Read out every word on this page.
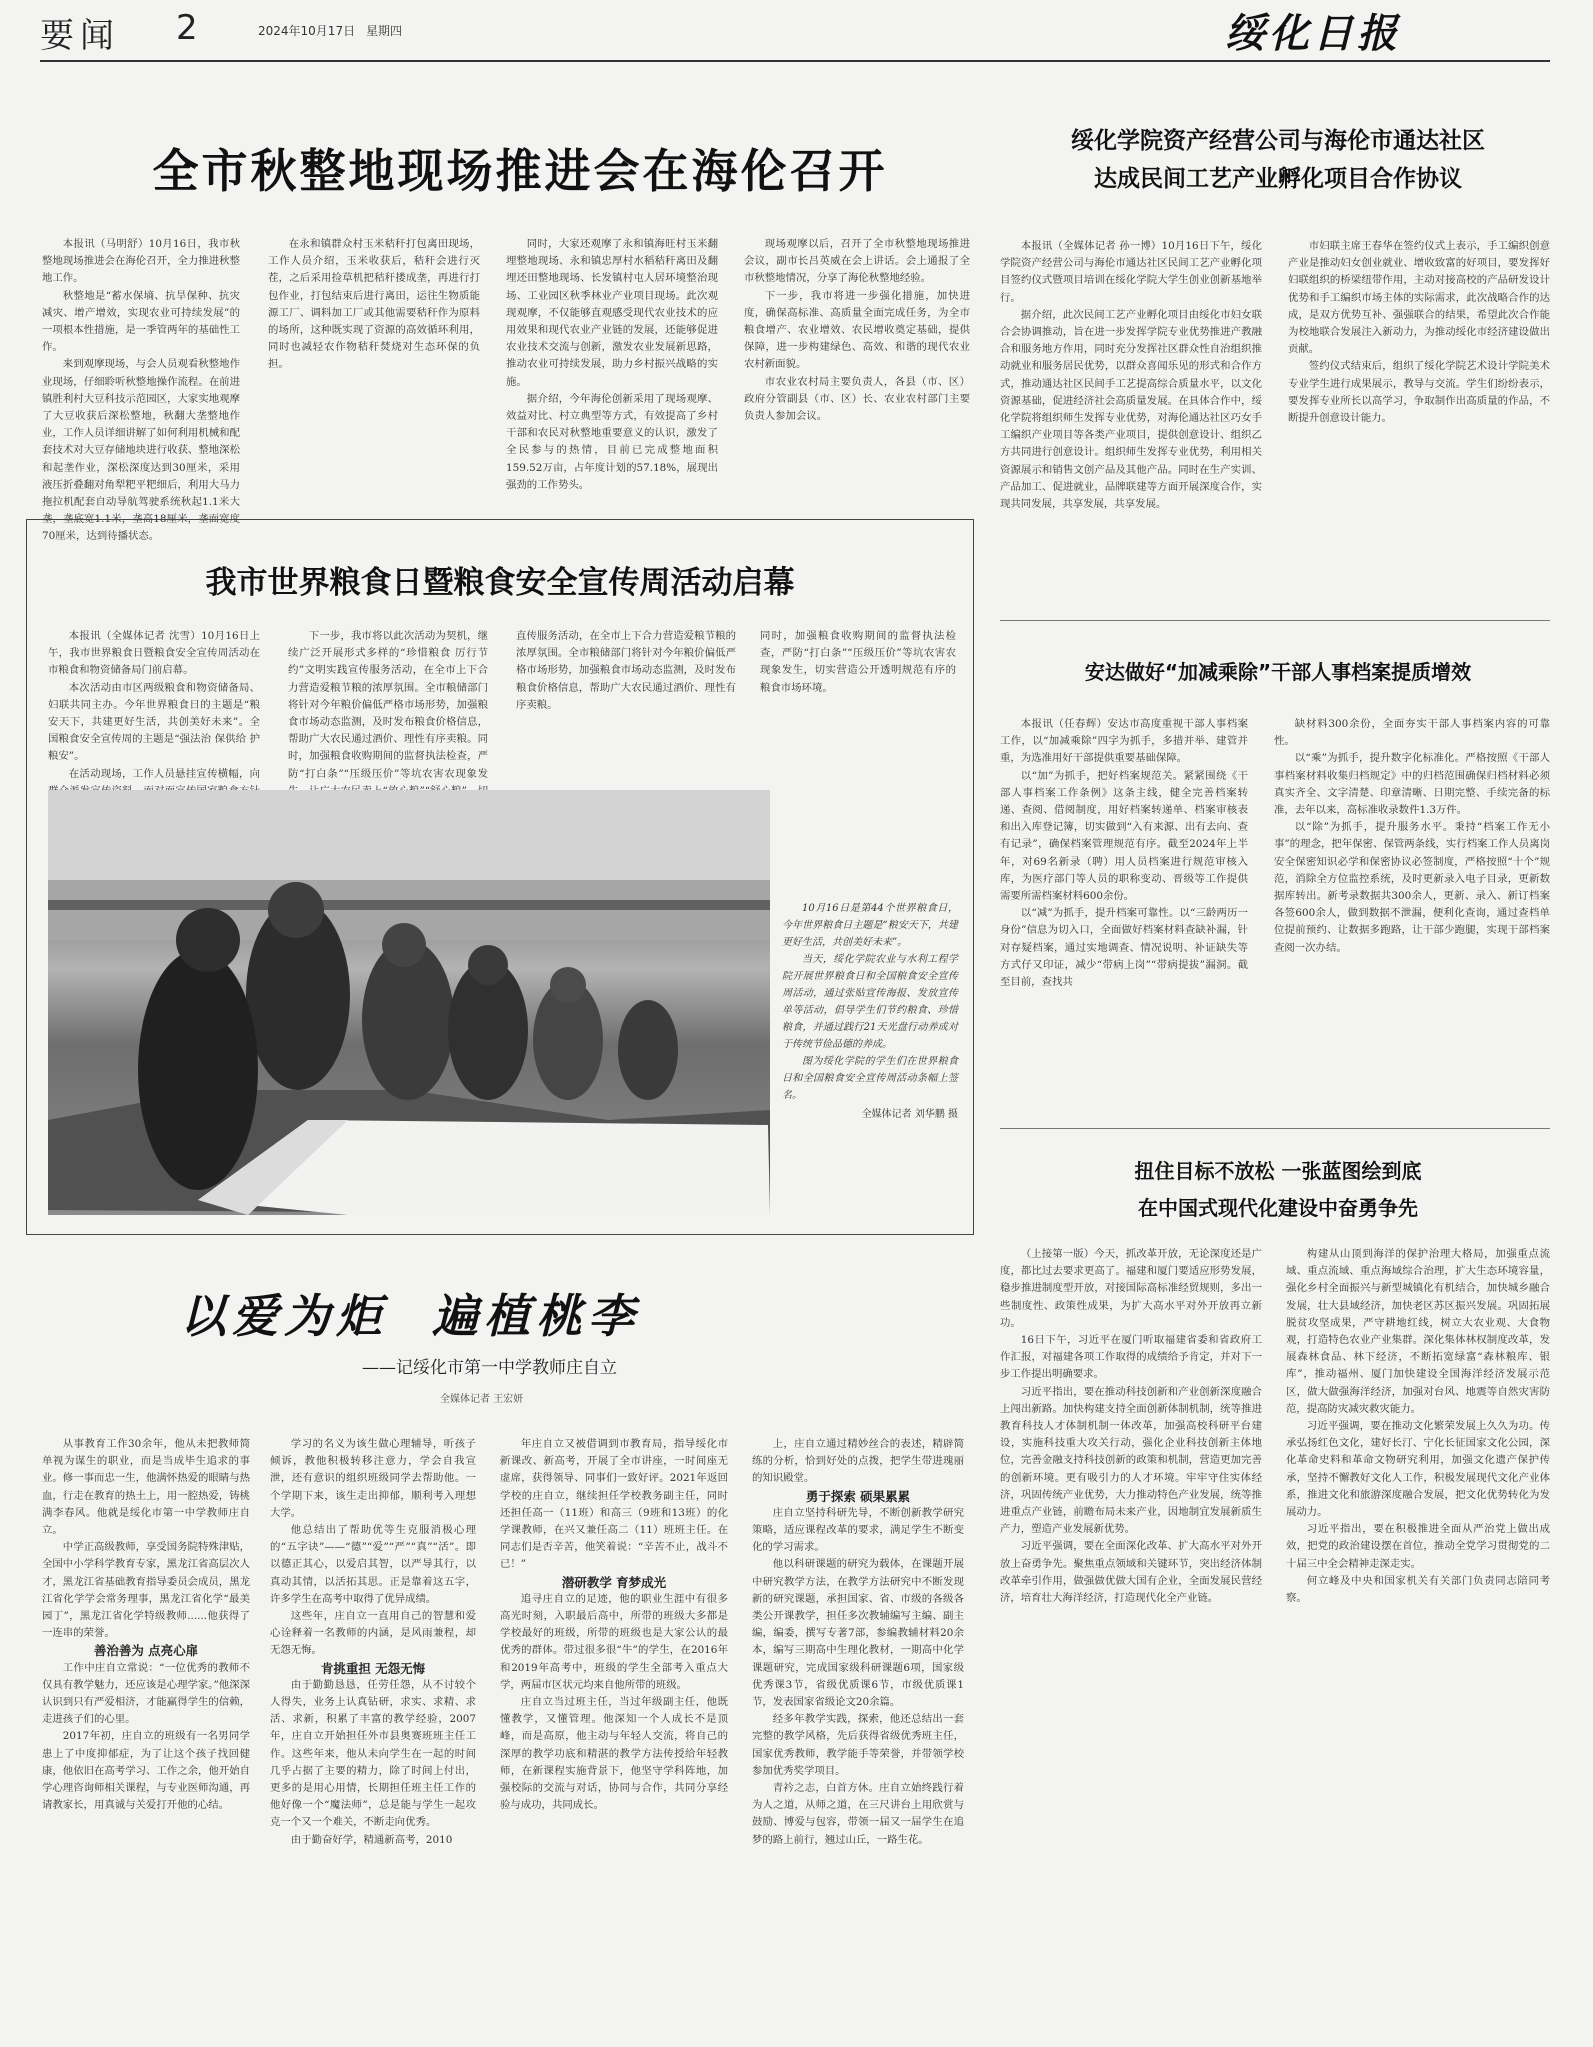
要闻 2	2024年10月17日 星期四	绥化日报
全市秋整地现场推进会在海伦召开

本报讯（马明舒）10月16日，我市秋整地现场推进会在海伦召开，全力推进秋整地工作。

秋整地是“蓄水保墒、抗旱保种、抗灾减灾、增产增效，实现农业可持续发展”的一项根本性措施，是一季管两年的基础性工作。

来到观摩现场，与会人员观看秋整地作业现场，仔细聆听秋整地操作流程。在前进镇胜利村大豆科技示范园区，大家实地观摩了大豆收获后深松整地，秋翻大垄整地作业，工作人员详细讲解了如何利用机械和配套技术对大豆存储地块进行收获、整地深松和起垄作业，深松深度达到30厘米，采用液压折叠翻对角犁粑平粑细后，利用大马力拖拉机配套自动导航驾驶系统秋起1.1米大垄，垄底宽1.1米，垄高18厘米，垄面宽度70厘米，达到待播状态。

在永和镇群众村玉米秸秆打包离田现场，工作人员介绍，玉米收获后，秸秆会进行灭茬，之后采用捡草机把秸秆搂成垄，再进行打包作业，打包结束后进行离田，运往生物质能源工厂、调料加工厂或其他需要秸秆作为原料的场所，这种既实现了资源的高效循环利用，同时也减轻农作物秸秆焚烧对生态环保的负担。

同时，大家还观摩了永和镇海旺村玉米翻埋整地现场、永和镇忠厚村水稻秸秆离田及翻埋还田整地现场、长发镇村屯人居环境整治现场、工业园区秋季林业产业项目现场。此次观现观摩，不仅能够直观感受现代农业技术的应用效果和现代农业产业链的发展，还能够促进农业技术交流与创新，激发农业发展新思路，推动农业可持续发展，助力乡村振兴战略的实施。

据介绍，今年海伦创新采用了现场观摩、效益对比、村立典型等方式，有效提高了乡村干部和农民对秋整地重要意义的认识，激发了全民参与的热情，目前已完成整地面积159.52万亩，占年度计划的57.18%，展现出强劲的工作势头。

现场观摩以后，召开了全市秋整地现场推进会议，副市长吕英威在会上讲话。会上通报了全市秋整地情况，分享了海伦秋整地经验。

下一步，我市将进一步强化措施，加快进度，确保高标准、高质量全面完成任务，为全市粮食增产、农业增效、农民增收奠定基础，提供保障，进一步构建绿色、高效、和谐的现代农业农村新面貌。

市农业农村局主要负责人，各县（市、区）政府分管副县（市、区）长、农业农村部门主要负责人参加会议。

我市世界粮食日暨粮食安全宣传周活动启幕

本报讯（全媒体记者 沈雪）10月16日上午，我市世界粮食日暨粮食安全宣传周活动在市粮食和物资储备局门前启幕。

本次活动由市区两级粮食和物资储备局、妇联共同主办。今年世界粮食日的主题是“粮安天下，共建更好生活，共创美好未来”。全国粮食安全宣传周的主题是“强法治 保供给 护粮安”。

在活动现场，工作人员悬挂宣传横幅，向

下一步，我市将以此次活动为契机，继续广泛开展形式多样的“珍惜粮食 厉行节约”文明实践宣传服务活动，在全市上下合力营造爱粮节粮的浓厚氛围。全市粮储部门将针对今年粮价偏低严格市场形势，加强粮食市场动态监测，及时发布粮食价格信息，帮助广大农民通过酒价、理性有序卖粮。同时，加强粮食收购期间的监督执法检查，严防“打白条”“压级压价”等坑农害农现象发

直传服务活动，在全市上下合力营造爱粮节粮的浓厚氛围。全市粮储部门将针对今年粮价偏低严格市场形势，加强粮食市场动态监测，及时发布粮食价格信息，帮助广大农民通过酒价、理性有序卖粮。

同时，加强粮食收购期间的监督执法检查，严防“打白条”“压级压价”等坑农害农现象发生，切实营造公开透明规范有序的粮食市场环境。

10月16日是第44个世界粮食日，今年世界粮食日主题是“粮安天下，共建更好生活，共创美好未来”。

当天，绥化学院农业与水利工程学院开展世界粮食日和全国粮食安全宣传周活动，通过张贴宣传海报、发放宣传单等活动，倡导学生们节约粮食、珍惜粮食，并通过践行21天光盘行动养成对于传统节俭品德的养成。

图为绥化学院的学生们在世界粮食日和全国粮食安全宣传周活动条幅上签名。

全媒体记者 刘华鹏 摄

以爱为炬  遍植桃李
——记绥化市第一中学教师庄自立
全媒体记者 王宏妍

从事教育工作30余年，他从未把教师简单视为谋生的职业，而是当成毕生追求的事业。修一事而忠一生，他满怀热爱的眼睛与热血，行走在教育的热土上，用一腔热爱，铸桃满李春风。他就是绥化市第一中学教师庄自立。

中学正高级教师，享受国务院特殊津贴，全国中小学科学教育专家，黑龙江省高层次人才，黑龙江省基础教育指导委员会成员，黑龙江省化学学会常务理事，黑龙江省化学“最美园丁”，黑龙江省化学特级教师......他获得了一连串的荣誉。

善治善为 点亮心扉

工作中庄自立常说：“一位优秀的教师不仅具有教学魅力，还应该是心理学家。”他深深认识到只有严爱相济，才能赢得学生的信赖，走进孩子们的心里。

2017年初，庄自立的班级有一名男同学患上了中度抑郁症，为了让这个孩子找回健康，他依旧在高考学习、工作之余，他开始自学心理咨询师相关课程，与专业医师沟通，再请教家长，用真诚与关爱打开他的心结。

学习的名义为该生做心理辅导，听孩子倾诉，教他积极转移注意力，学会自我宣泄，还有意识的组织班级同学去帮助他。一个学期下来，该生走出抑郁，顺利考入理想大学。

他总结出了帮助优等生克服消极心理的“五字诀”——“德”“爱”“严”“真”“活”。即以德正其心，以爱启其智，以严导其行，以真动其情，以活拓其思。正是靠着这五字，许多学生在高考中取得了优异成绩。

这些年，庄自立一直用自己的智慧和爱心诠释着一名教师的内涵，是风雨兼程，却无怨无悔。

肯挑重担 无怨无悔

由于勤勤恳恳，任劳任怨，从不讨较个人得失，业务上认真钻研，求实、求精、求活、求新，积累了丰富的教学经验，2007年，庄自立开始担任外市县奥赛班班主任工作。这些年来，他从未向学生在一起的时间几乎占据了主要的精力，除了时间上付出，更多的是用心用情，长期担任班主任工作的他好像一个“魔法师”，总是能与学生一起攻克一个又一个难关，不断走向优秀。

由于勤奋好学，精通新高考，2010

年庄自立又被借调到市教育局，指导绥化市新课改、新高考，开展了全市讲座，一时间座无虚席，获得领导、同事们一致好评。2021年返回学校的庄自立，继续担任学校教务副主任，同时还担任高一（11班）和高三（9班和13班）的化学课教师，在兴又兼任高二（11）班班主任。在同志们是否辛苦，他笑着说：“辛苦不止，战斗不已！”

潜研教学 育梦成光

追寻庄自立的足迹，他的职业生涯中有很多高光时刻，入职最后高中，所带的班级大多都是学校最好的班级，所带的班级也是大家公认的最优秀的群体。带过很多很“牛”的学生，在2016年和2019年高考中，班级的学生全部考入重点大学，两届市区状元均来自他所带的班级。

庄自立当过班主任，当过年级副主任，他既懂教学，又懂管理。他深知一个人成长不是顶峰，而是高原，他主动与年轻人交流，将自己的深厚的教学功底和精湛的教学方法传授给年轻教师，在新课程实施背景下，他坚守学科阵地，加强校际的交流与对话，协同与合作，共同分享经验与成功，共同成长。

上，庄自立通过精妙丝合的表述，精辟简练的分析，恰到好处的点拨，把学生带进瑰丽的知识殿堂。

勇于探索 硕果累累

庄自立坚持科研先导，不断创新教学研究策略，适应课程改革的要求，满足学生不断变化的学习需求。

他以科研课题的研究为载体，在课题开展中研究教学方法，在教学方法研究中不断发现新的研究课题，承担国家、省、市级的各级各类公开课教学，担任多次教辅编写主编、副主编，编委，撰写专著7部，参编教辅材料20余本，编写三期高中生理化教材，一期高中化学课题研究，完成国家级科研课题6项，国家级优秀课3节，省级优质课6节，市级优质课1节，发表国家省级论文20余篇。

经多年教学实践，探索，他还总结出一套完整的教学风格，先后获得省级优秀班主任，国家优秀教师，教学能手等荣誉，并带领学校参加优秀奖学项目。

青衿之志，白首方休。庄自立始终践行着为人之道，从师之道，在三尺讲台上用欣赏与鼓励、博爱与包容，带领一届又一届学生在追梦的路上前行，翘过山丘，一路生花。

绥化学院资产经营公司与海伦市通达社区
达成民间工艺产业孵化项目合作协议

本报讯（全媒体记者 孙一博）10月16日下午，绥化学院资产经营公司与海伦市通达社区民间工艺产业孵化项目签约仪式暨项目培训在绥化学院大学生创业创新基地举行。

据介绍，此次民间工艺产业孵化项目由绥化市妇女联合会协调推动，旨在进一步发挥学院专业优势推进产教融合和服务地方作用，同时充分发挥社区群众性自治组织推动就业和服务居民优势，以群众喜闻乐见的形式和合作方式，推动通达社区民间手工艺提高综合质量水平，以文化资源基础，促进经济社会高质量发展。在具体合作中，绥化学院将组织师生发挥专业优势，对海伦通达社区巧女手工编织产业项目等各类产业项目，提供创意设计、组织乙方共同进行创意设计。组织师生发挥专业优势，利用相关资源展示和销售文创产品及其他产品。同时在生产实训、产品加工、促进就业，品牌联建等方面开展深度合作，实现共同发展，共享发展，共享发展。

市妇联主席王春华在签约仪式上表示，手工编织创意产业是推动妇女创业就业、增收致富的好项目，要发挥好妇联组织的桥梁纽带作用，主动对接高校的产品研发设计优势和手工编织市场主体的实际需求，此次战略合作的达成，是双方优势互补、强强联合的结果，希望此次合作能为校地联合发展注入新动力，为推动绥化市经济建设做出贡献。

签约仪式结束后，组织了绥化学院艺术设计学院美术专业学生进行成果展示，教导与交流。学生们纷纷表示，要发挥专业所长以高学习，争取制作出高质量的作品，不断提升创意设计能力。

安达做好“加减乘除”干部人事档案提质增效

本报讯（任春辉）安达市高度重视干部人事档案工作，以“加减乘除”四字为抓手，多措并举、建管并重，为选准用好干部提供重要基础保障。

以“加”为抓手，把好档案规范关。紧紧围绕《干部人事档案工作条例》这条主线，健全完善档案转递、查阅、借阅制度，用好档案转递单、档案审核表和出入库登记簿，切实做到“入有来源、出有去向、查有记录”，确保档案管理规范有序。截至2024年上半年，对69名新录（聘）用人员档案进行规范审核入库，为医疗部门等人员的职称变动、晋级等工作提供需要所需档案材料600余份。

以“减”为抓手，提升档案可靠性。以“三龄两历一身份”信息为切入口，全面做好档案材料查缺补漏，针对存疑档案，通过实地调查、情况说明、补证缺失等方式仔又印证，减少“带病上岗”“带病提拔”漏洞。截至目前，查找共

缺材料300余份，全面夯实干部人事档案内容的可靠性。

以“乘”为抓手，提升数字化标准化。严格按照《干部人事档案材料收集归档规定》中的归档范围确保归档材料必须真实齐全、文字清楚、印章清晰、日期完整、手续完备的标准，去年以来，高标准收录数件1.3万件。

以“除”为抓手，提升服务水平。秉持“档案工作无小事”的理念，把年保密、保管两条线，实行档案工作人员离岗安全保密知识必学和保密协议必签制度，严格按照“十个”规范，消除全方位监控系统，及时更新录入电子目录，更新数据库转出。新考录数据共300余人，更新、录入、新订档案各签600余人，做到数据不泄漏，便利化查询，通过查档单位提前预约、让数据多跑路，让干部少跑腿，实现干部档案查阅一次办结。

扭住目标不放松 一张蓝图绘到底
在中国式现代化建设中奋勇争先

（上接第一版）今天，抓改革开放，无论深度还是广度，都比过去要求更高了。福建和厦门要适应形势发展，稳步推进制度型开放，对接国际高标准经贸规则，多出一些制度性、政策性成果，为扩大高水平对外开放再立新功。

16日下午，习近平在厦门听取福建省委和省政府工作汇报，对福建各项工作取得的成绩给予肯定，并对下一步工作提出明确要求。

习近平指出，要在推动科技创新和产业创新深度融合上闯出新路。加快构建支持全面创新体制机制，统等推进教育科技人才体制机制一体改革，加强高校科研平台建设，实施科技重大攻关行动，强化企业科技创新主体地位，完善金融支持科技创新的政策和机制，营造更加完善的创新环境。更有吸引力的人才环境。牢牢守住实体经济，巩固传统产业优势，大力推动特色产业发展，统等推进重点产业链，前瞻布局未来产业，因地制宜发展新质生产力，塑造产业发展新优势。

习近平强调，要在全面深化改革、扩大高水平对外开放上奋勇争先。聚焦重点领域和关键环节，突出经济体制改革牵引作用，做强做优做大国有企业，全面发展民营经济，培育壮大海洋经济，打造现代化全产业链。

构建从山顶到海洋的保护治理大格局，加强重点流域、重点流域、重点海域综合治理，扩大生态环境容量，强化乡村全面振兴与新型城镇化有机结合，加快城乡融合发展，壮大县域经济，加快老区苏区振兴发展。巩固拓展脱贫攻坚成果，严守耕地红线，树立大农业观、大食物观，打造特色农业产业集群。深化集体林权制度改革，发展森林食品、林下经济，不断拓宽绿富“森林粮库、银库”，推动福州、厦门加快建设全国海洋经济发展示范区，做大做强海洋经济，加强对台风、地震等自然灾害防范，提高防灾减灾救灾能力。

习近平强调，要在推动文化繁荣发展上久久为功。传承弘扬红色文化，建好长汀、宁化长征国家文化公园，深化革命史料和革命文物研究利用，加强文化遗产保护传承，坚持不懈教好文化人工作，积极发展现代文化产业体系，推进文化和旅游深度融合发展，把文化优势转化为发展动力。

习近平指出，要在积极推进全面从严治党上做出成效，把党的政治建设摆在首位，推动全党学习贯彻党的二十届三中全会精神走深走实。

何立峰及中央和国家机关有关部门负责同志陪同考察。
